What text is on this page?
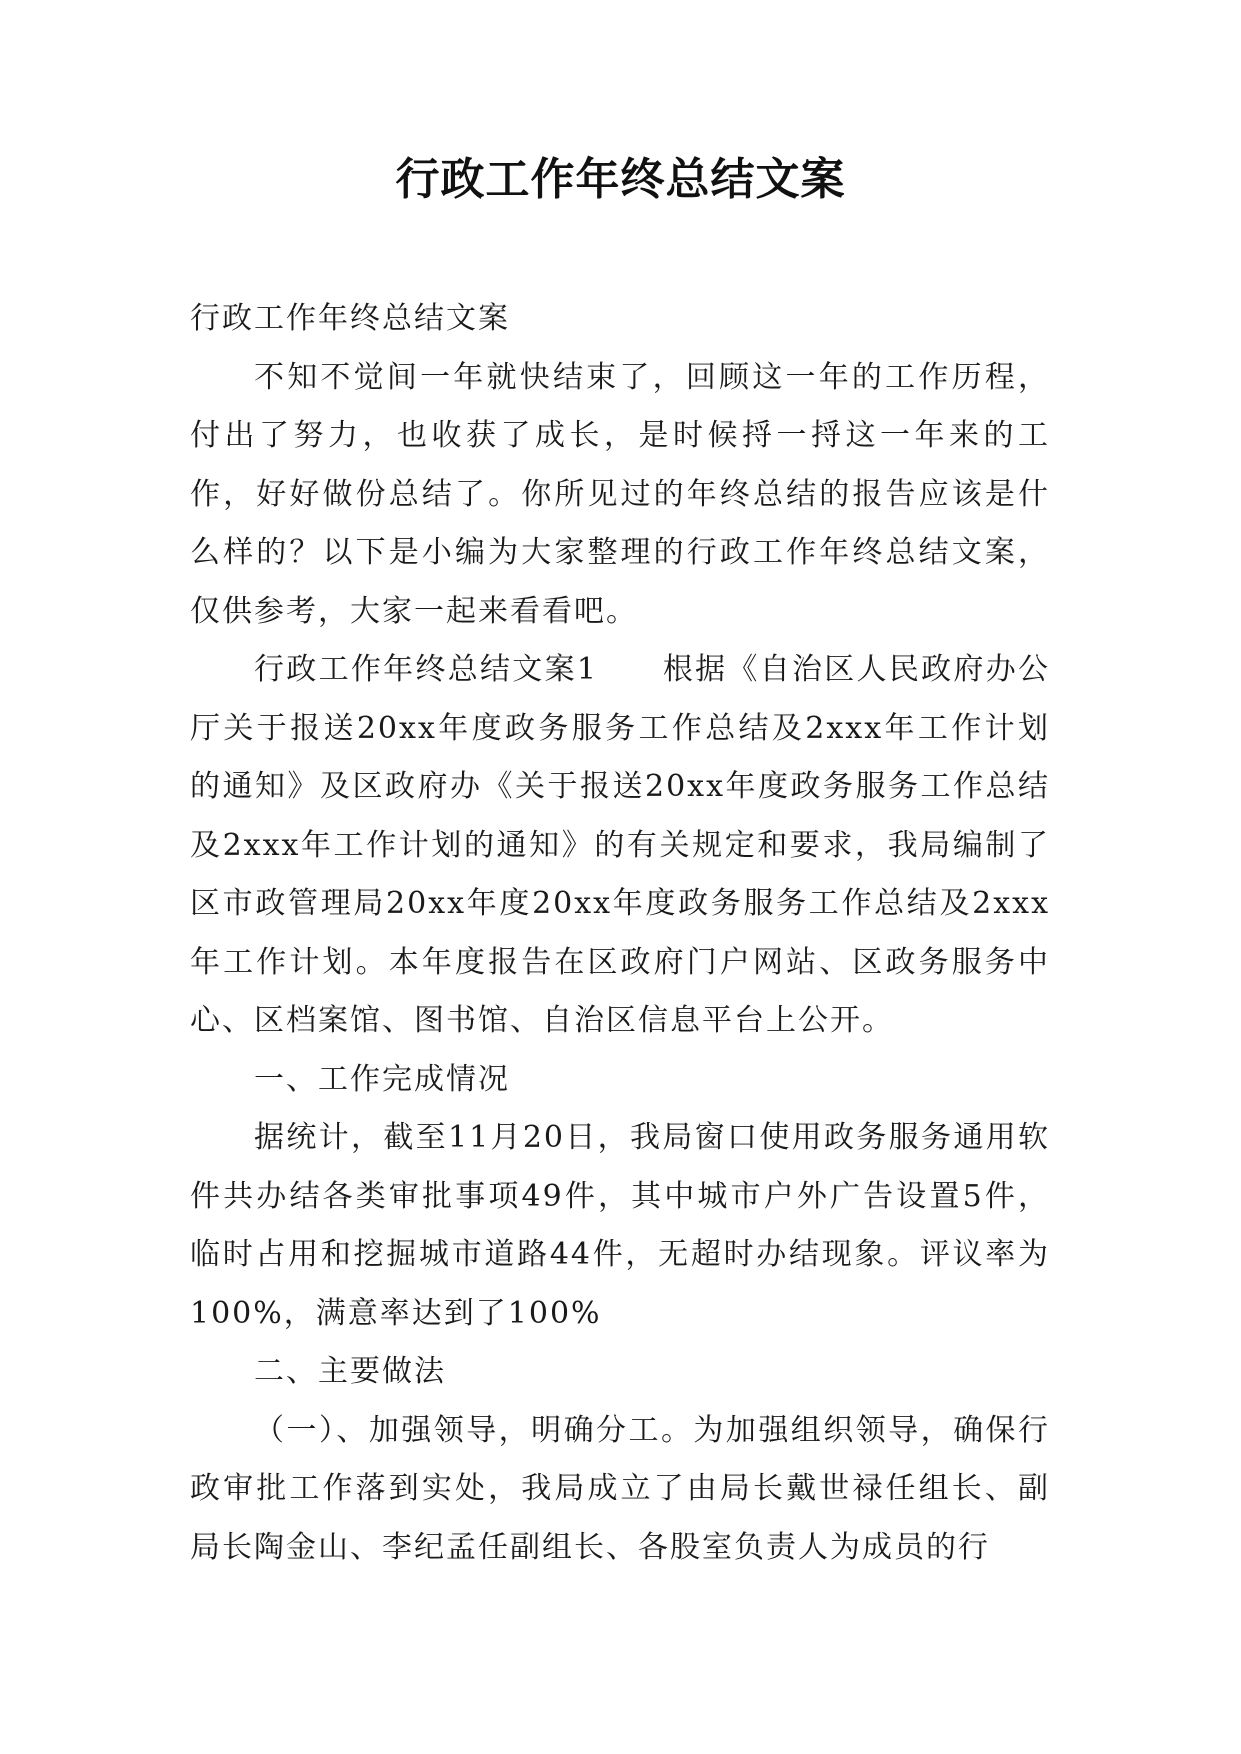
行政工作年终总结文案

行政工作年终总结文案

不知不觉间一年就快结束了，回顾这一年的工作历程，付出了努力，也收获了成长，是时候捋一捋这一年来的工作，好好做份总结了。你所见过的年终总结的报告应该是什么样的？以下是小编为大家整理的行政工作年终总结文案，仅供参考，大家一起来看看吧。

行政工作年终总结文案1　　根据《自治区人民政府办公厅关于报送20xx年度政务服务工作总结及2xxx年工作计划的通知》及区政府办《关于报送20xx年度政务服务工作总结及2xxx年工作计划的通知》的有关规定和要求，我局编制了区市政管理局20xx年度20xx年度政务服务工作总结及2xxx年工作计划。本年度报告在区政府门户网站、区政务服务中心、区档案馆、图书馆、自治区信息平台上公开。

一、工作完成情况

据统计，截至11月20日，我局窗口使用政务服务通用软件共办结各类审批事项49件，其中城市户外广告设置5件，临时占用和挖掘城市道路44件，无超时办结现象。评议率为100%，满意率达到了100%

二、主要做法

（一）、加强领导，明确分工。为加强组织领导，确保行政审批工作落到实处，我局成立了由局长戴世禄任组长、副局长陶金山、李纪孟任副组长、各股室负责人为成员的行
